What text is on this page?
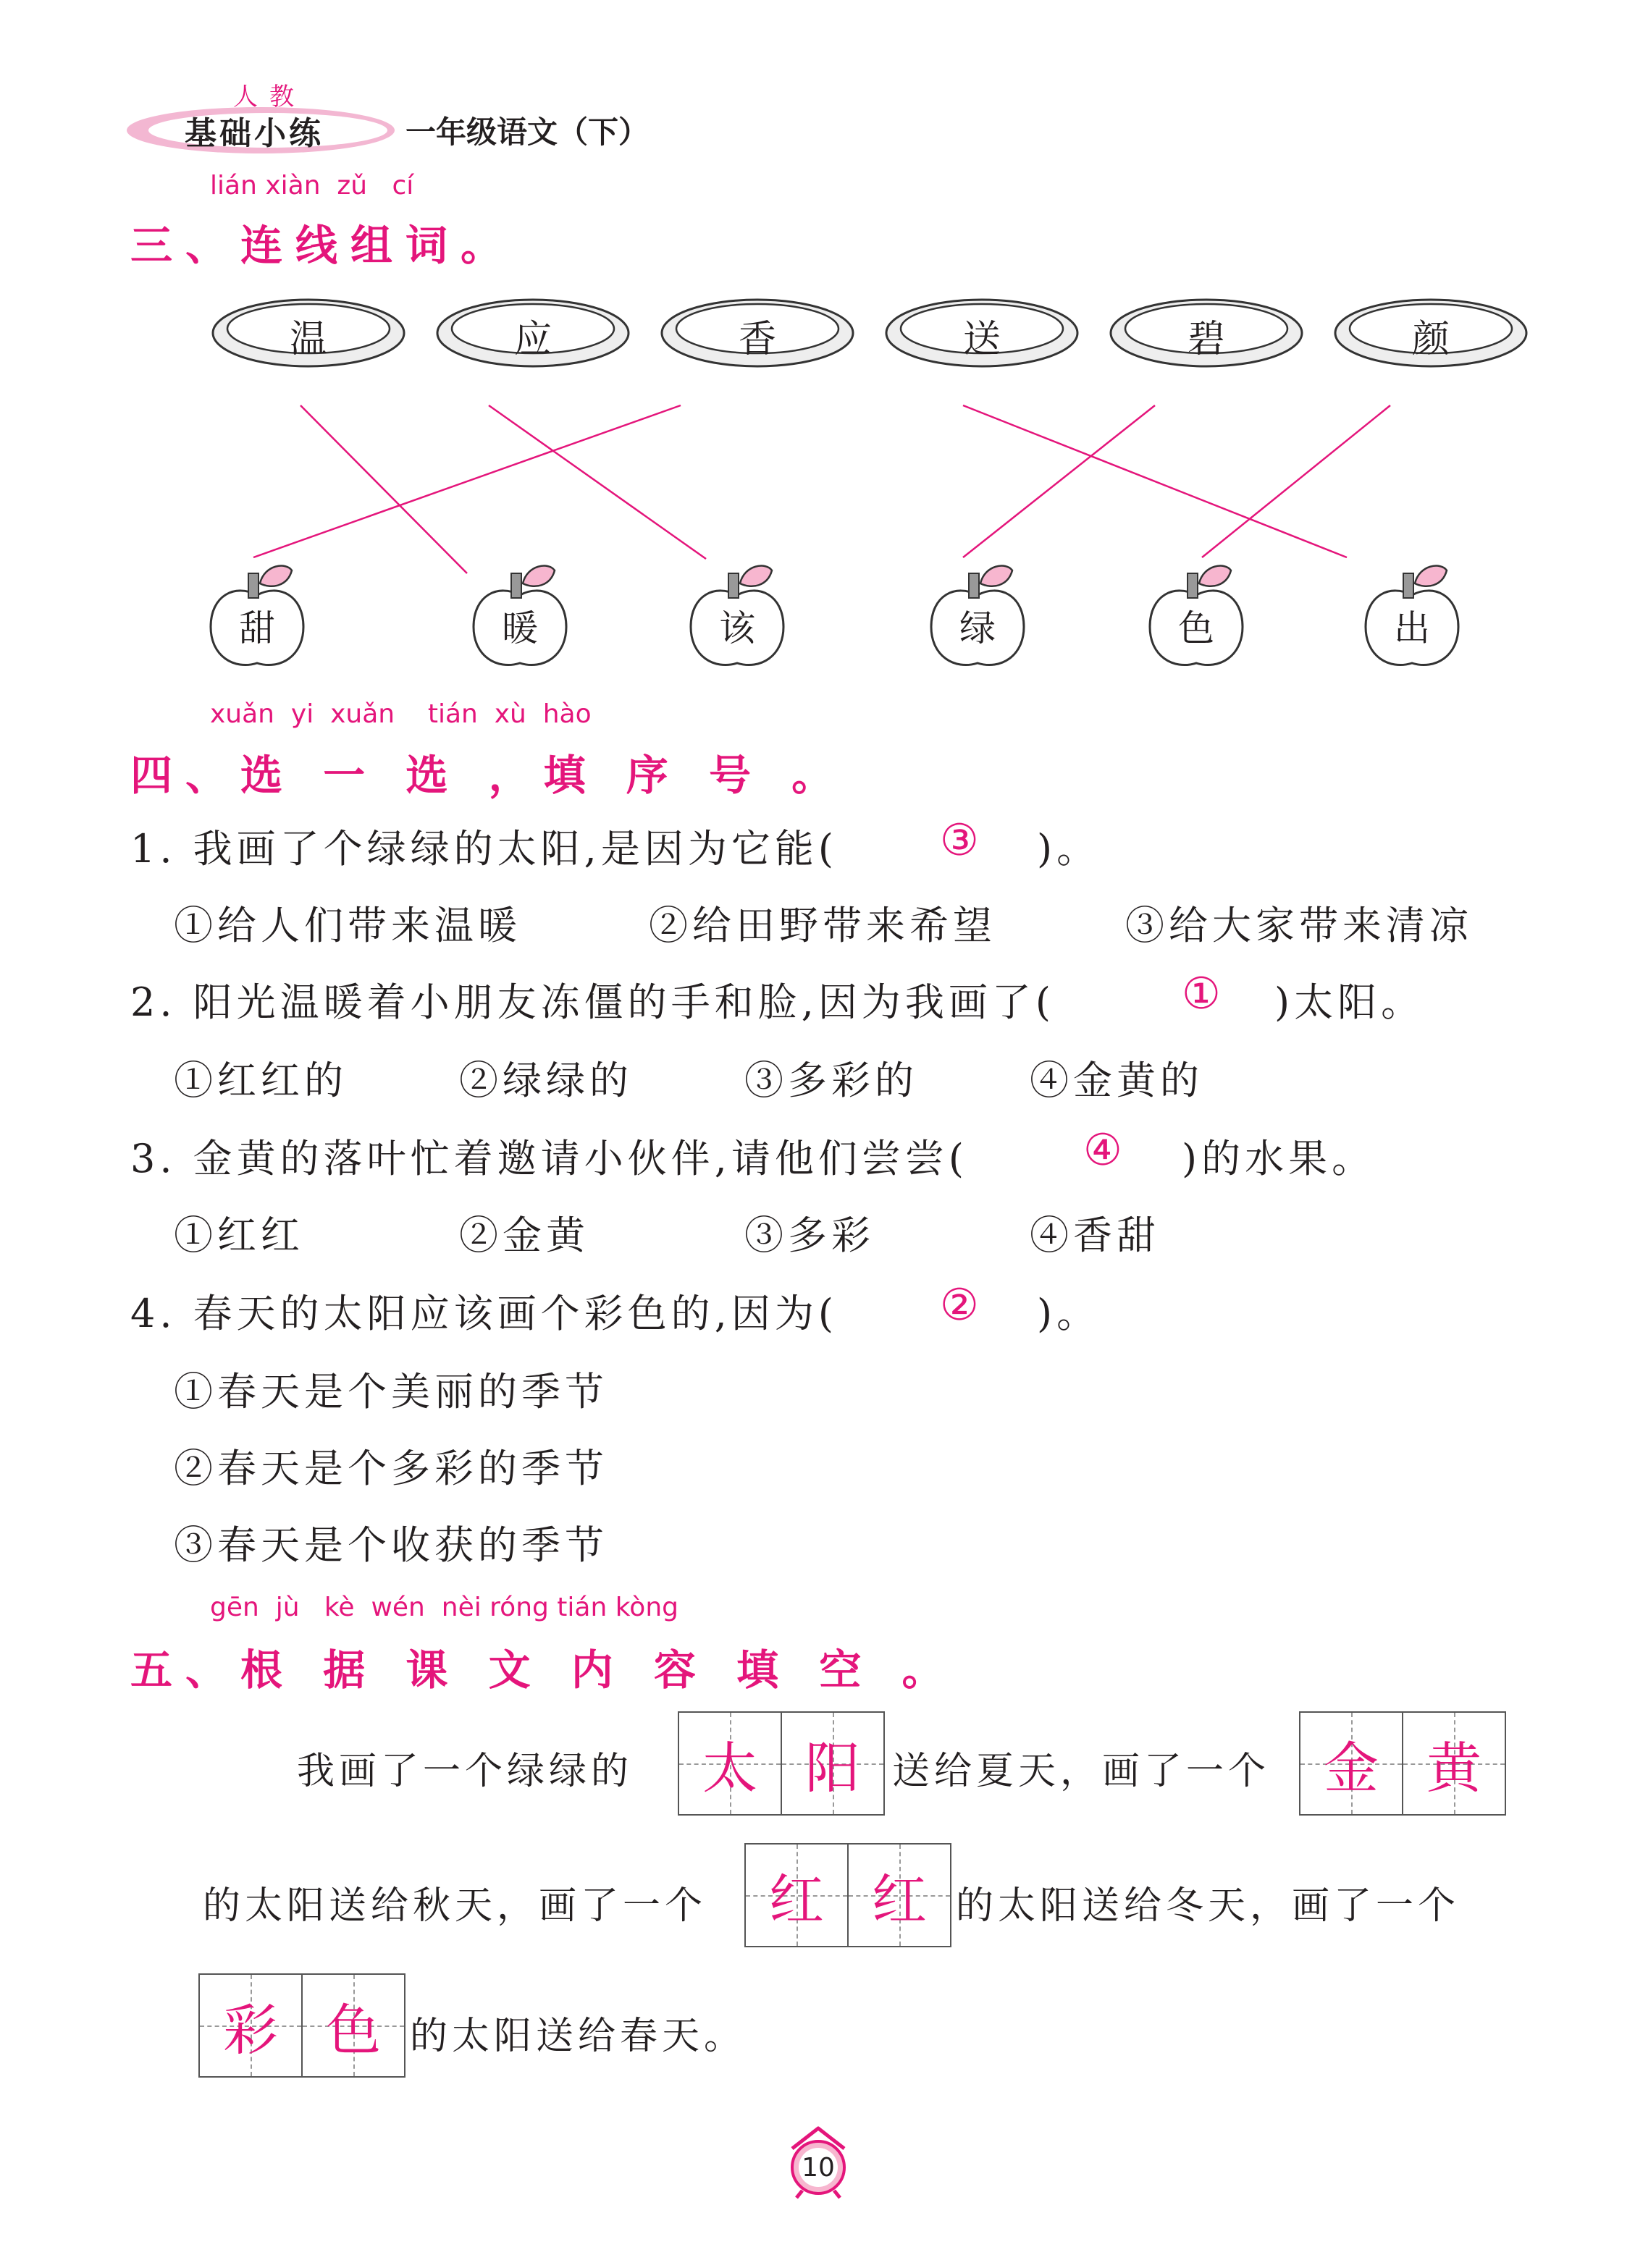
人教
基础小练	一年级语文（下）
lián xiàn  zǔ   cí
三、连线组词。
温	应	香	送	碧	颜
甜	暖	该	绿	色	出
xuǎn  yi  xuǎn    tián  xù  hào
四、选 一 选 ，填 序 号 。
1. 我画了个绿绿的太阳,是因为它能( ③ )。
①给人们带来温暖	②给田野带来希望	③给大家带来清凉
2. 阳光温暖着小朋友冻僵的手和脸,因为我画了(	① )太阳。
①红红的	②绿绿的	③多彩的	④金黄的
3. 金黄的落叶忙着邀请小伙伴,请他们尝尝(	④ )的水果。
①红红	②金黄	③多彩	④香甜
4. 春天的太阳应该画个彩色的,因为( ② )。
①春天是个美丽的季节
②春天是个多彩的季节
③春天是个收获的季节
gēn  jù   kè  wén  nèi róng tián kòng
五、根 据 课 文 内 容 填 空 。
我画了一个绿绿的 太 阳 送给夏天，画了一个 金 黄
的太阳送给秋天，画了一个 红 红 的太阳送给冬天，画了一个
彩 色 的太阳送给春天。
10
